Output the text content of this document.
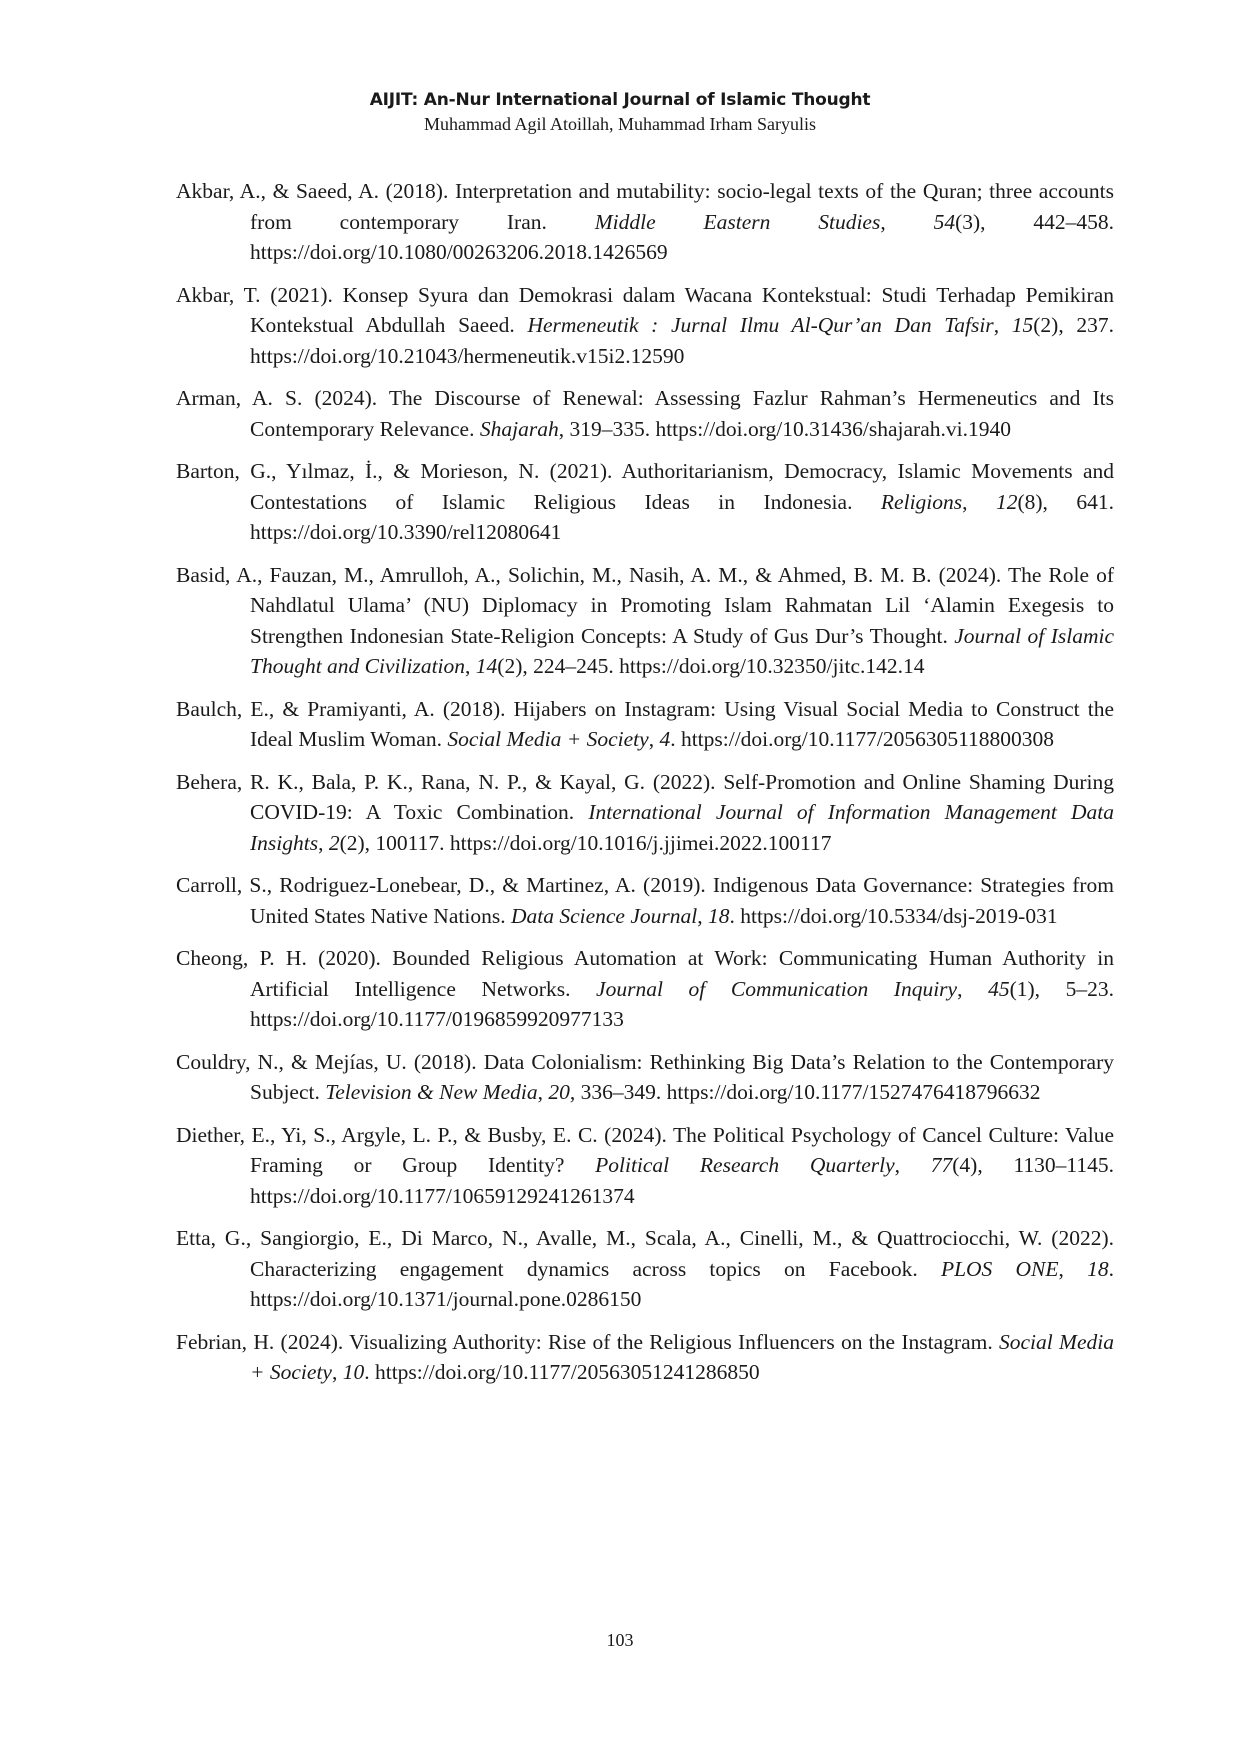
AIJIT: An-Nur International Journal of Islamic Thought
Muhammad Agil Atoillah, Muhammad Irham Saryulis

Akbar, A., & Saeed, A. (2018). Interpretation and mutability: socio-legal texts of the Quran; three accounts from contemporary Iran. Middle Eastern Studies, 54(3), 442–458. https://doi.org/10.1080/00263206.2018.1426569

Akbar, T. (2021). Konsep Syura dan Demokrasi dalam Wacana Kontekstual: Studi Terhadap Pemikiran Kontekstual Abdullah Saeed. Hermeneutik : Jurnal Ilmu Al-Qur’an Dan Tafsir, 15(2), 237. https://doi.org/10.21043/hermeneutik.v15i2.12590

Arman, A. S. (2024). The Discourse of Renewal: Assessing Fazlur Rahman’s Hermeneutics and Its Contemporary Relevance. Shajarah, 319–335. https://doi.org/10.31436/shajarah.vi.1940

Barton, G., Yılmaz, İ., & Morieson, N. (2021). Authoritarianism, Democracy, Islamic Movements and Contestations of Islamic Religious Ideas in Indonesia. Religions, 12(8), 641. https://doi.org/10.3390/rel12080641

Basid, A., Fauzan, M., Amrulloh, A., Solichin, M., Nasih, A. M., & Ahmed, B. M. B. (2024). The Role of Nahdlatul Ulama’ (NU) Diplomacy in Promoting Islam Rahmatan Lil ‘Alamin Exegesis to Strengthen Indonesian State-Religion Concepts: A Study of Gus Dur’s Thought. Journal of Islamic Thought and Civilization, 14(2), 224–245. https://doi.org/10.32350/jitc.142.14

Baulch, E., & Pramiyanti, A. (2018). Hijabers on Instagram: Using Visual Social Media to Construct the Ideal Muslim Woman. Social Media + Society, 4. https://doi.org/10.1177/2056305118800308

Behera, R. K., Bala, P. K., Rana, N. P., & Kayal, G. (2022). Self-Promotion and Online Shaming During COVID-19: A Toxic Combination. International Journal of Information Management Data Insights, 2(2), 100117. https://doi.org/10.1016/j.jjimei.2022.100117

Carroll, S., Rodriguez-Lonebear, D., & Martinez, A. (2019). Indigenous Data Governance: Strategies from United States Native Nations. Data Science Journal, 18. https://doi.org/10.5334/dsj-2019-031

Cheong, P. H. (2020). Bounded Religious Automation at Work: Communicating Human Authority in Artificial Intelligence Networks. Journal of Communication Inquiry, 45(1), 5–23. https://doi.org/10.1177/0196859920977133

Couldry, N., & Mejías, U. (2018). Data Colonialism: Rethinking Big Data’s Relation to the Contemporary Subject. Television & New Media, 20, 336–349. https://doi.org/10.1177/1527476418796632

Diether, E., Yi, S., Argyle, L. P., & Busby, E. C. (2024). The Political Psychology of Cancel Culture: Value Framing or Group Identity? Political Research Quarterly, 77(4), 1130–1145. https://doi.org/10.1177/10659129241261374

Etta, G., Sangiorgio, E., Di Marco, N., Avalle, M., Scala, A., Cinelli, M., & Quattrociocchi, W. (2022). Characterizing engagement dynamics across topics on Facebook. PLOS ONE, 18. https://doi.org/10.1371/journal.pone.0286150

Febrian, H. (2024). Visualizing Authority: Rise of the Religious Influencers on the Instagram. Social Media + Society, 10. https://doi.org/10.1177/20563051241286850

103
